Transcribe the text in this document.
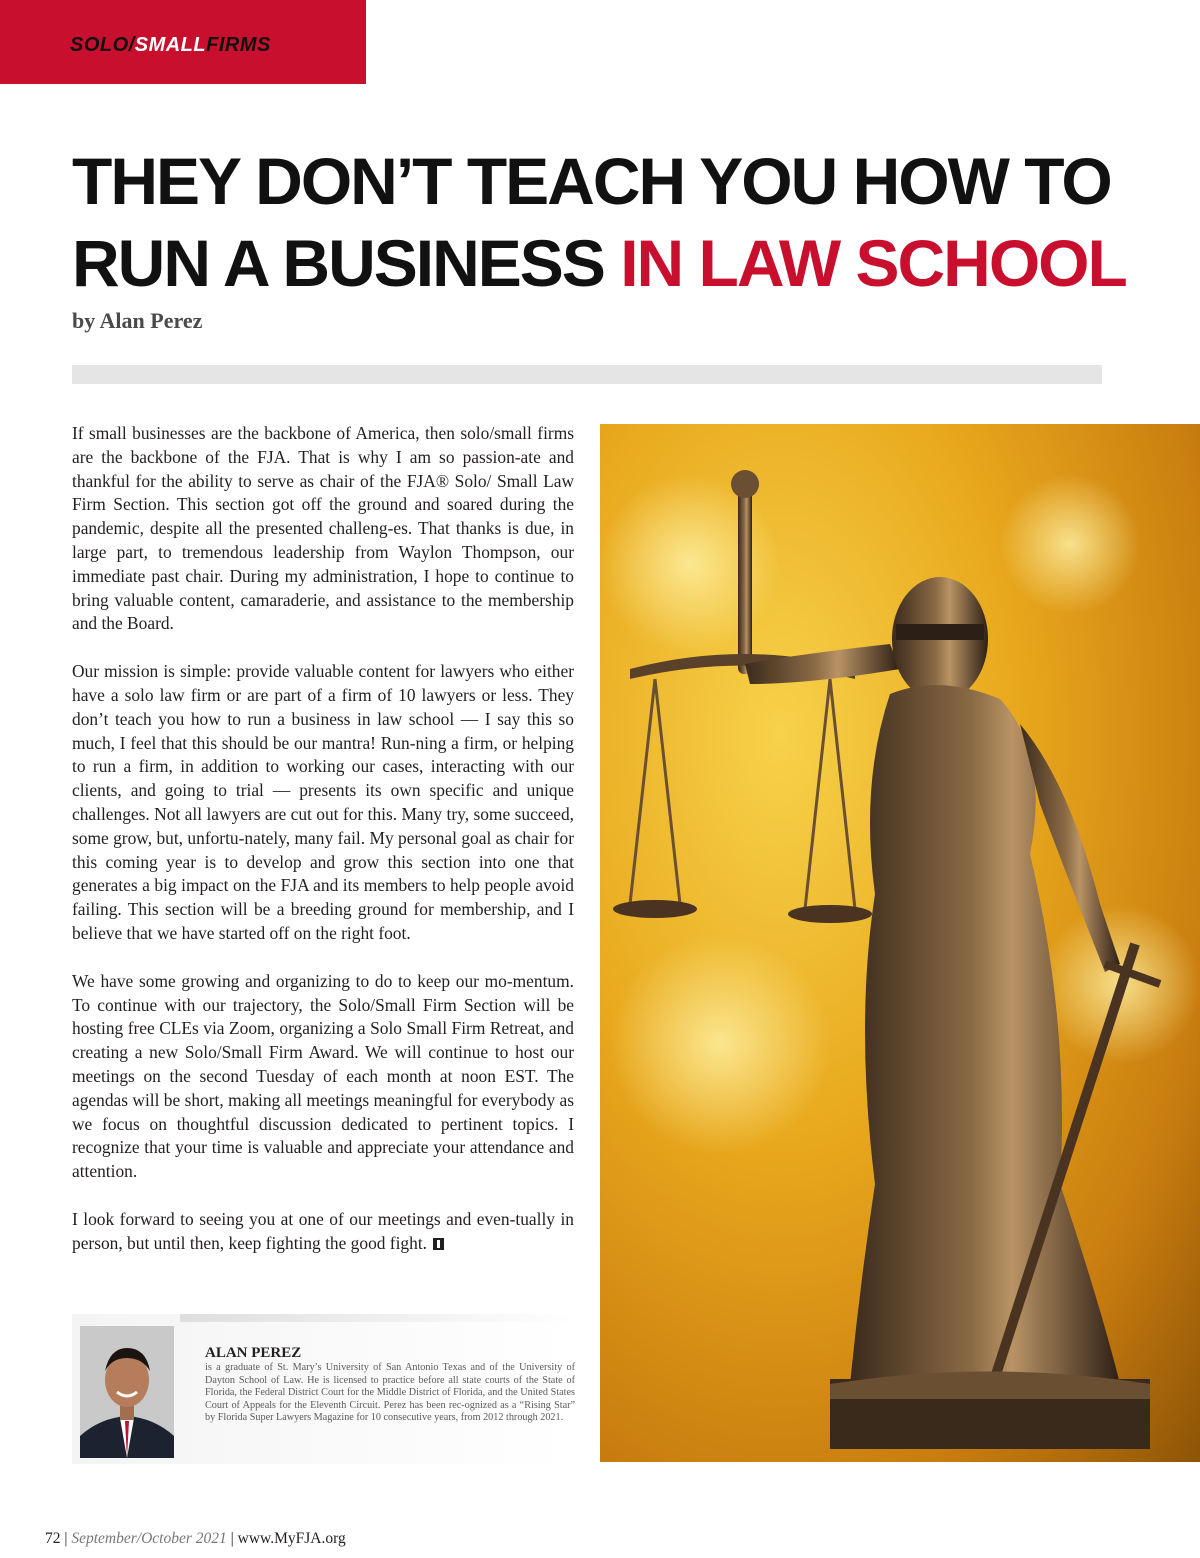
SOLO/SMALLFIRMS
THEY DON’T TEACH YOU HOW TO
RUN A BUSINESS IN LAW SCHOOL
by Alan Perez

If small businesses are the backbone of America, then solo/small firms are the backbone of the FJA. That is why I am so passion-ate and thankful for the ability to serve as chair of the FJA® Solo/ Small Law Firm Section. This section got off the ground and soared during the pandemic, despite all the presented challeng-es. That thanks is due, in large part, to tremendous leadership from Waylon Thompson, our immediate past chair. During my administration, I hope to continue to bring valuable content, camaraderie, and assistance to the membership and the Board.

Our mission is simple: provide valuable content for lawyers who either have a solo law firm or are part of a firm of 10 lawyers or less. They don’t teach you how to run a business in law school — I say this so much, I feel that this should be our mantra! Run-ning a firm, or helping to run a firm, in addition to working our cases, interacting with our clients, and going to trial — presents its own specific and unique challenges. Not all lawyers are cut out for this. Many try, some succeed, some grow, but, unfortu-nately, many fail. My personal goal as chair for this coming year is to develop and grow this section into one that generates a big impact on the FJA and its members to help people avoid failing. This section will be a breeding ground for membership, and I believe that we have started off on the right foot.

We have some growing and organizing to do to keep our mo-mentum. To continue with our trajectory, the Solo/Small Firm Section will be hosting free CLEs via Zoom, organizing a Solo Small Firm Retreat, and creating a new Solo/Small Firm Award. We will continue to host our meetings on the second Tuesday of each month at noon EST. The agendas will be short, making all meetings meaningful for everybody as we focus on thoughtful discussion dedicated to pertinent topics. I recognize that your time is valuable and appreciate your attendance and attention.

I look forward to seeing you at one of our meetings and even-tually in person, but until then, keep fighting the good fight.

ALAN PEREZ

is a graduate of St. Mary’s University of San Antonio Texas and of the University of Dayton School of Law. He is licensed to practice before all state courts of the State of Florida, the Federal District Court for the Middle District of Florida, and the United States Court of Appeals for the Eleventh Circuit. Perez has been rec-ognized as a “Rising Star” by Florida Super Lawyers Magazine for 10 consecutive years, from 2012 through 2021.

72 | September/October 2021 | www.MyFJA.org
